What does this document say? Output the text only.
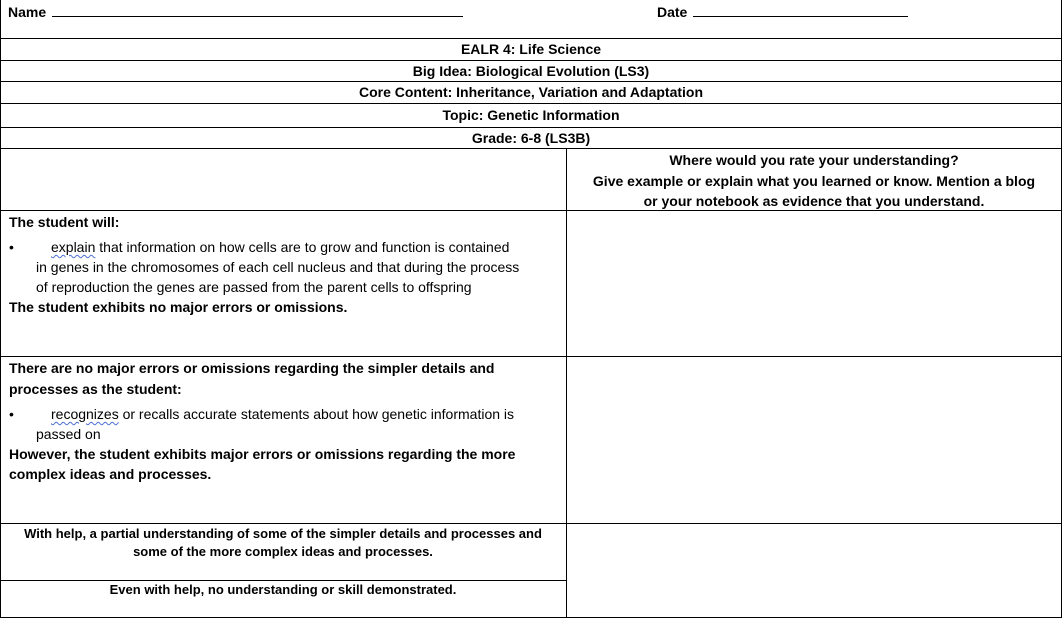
Name	Date
EALR 4: Life Science
Big Idea: Biological Evolution (LS3)
Core Content: Inheritance, Variation and Adaptation
Topic: Genetic Information
Grade: 6-8 (LS3B)
Where would you rate your understanding?
Give example or explain what you learned or know. Mention a blog
or your notebook as evidence that you understand.
The student will:
•	explain that information on how cells are to grow and function is contained
in genes in the chromosomes of each cell nucleus and that during the process
of reproduction the genes are passed from the parent cells to offspring
The student exhibits no major errors or omissions.
There are no major errors or omissions regarding the simpler details and
processes as the student:
•	recognizes or recalls accurate statements about how genetic information is
passed on
However, the student exhibits major errors or omissions regarding the more
complex ideas and processes.
With help, a partial understanding of some of the simpler details and processes and
some of the more complex ideas and processes.
Even with help, no understanding or skill demonstrated.
